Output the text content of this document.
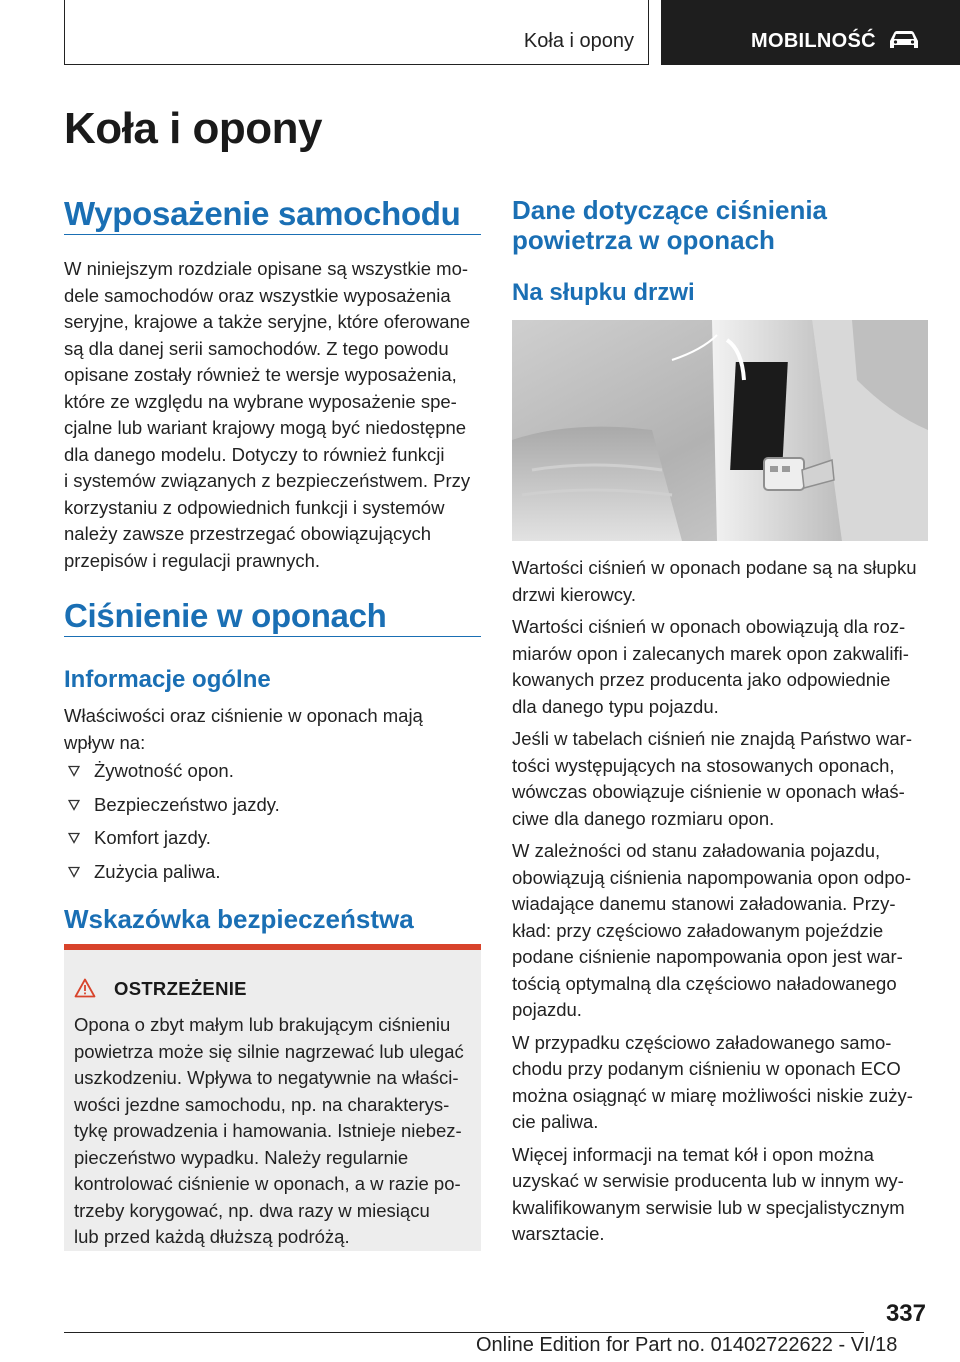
Koła i opony	MOBILNOŚĆ
Koła i opony
Wyposażenie samochodu

W niniejszym rozdziale opisane są wszystkie mo-

dele samochodów oraz wszystkie wyposażenia

seryjne, krajowe a także seryjne, które oferowane

są dla danej serii samochodów. Z tego powodu

opisane zostały również te wersje wyposażenia,

które ze względu na wybrane wyposażenie spe-

cjalne lub wariant krajowy mogą być niedostępne

dla danego modelu. Dotyczy to również funkcji

i systemów związanych z bezpieczeństwem. Przy

korzystaniu z odpowiednich funkcji i systemów

należy zawsze przestrzegać obowiązujących

przepisów i regulacji prawnych.

Ciśnienie w oponach
Informacje ogólne

Właściwości oraz ciśnienie w oponach mają

wpływ na:

Żywotność opon.
Bezpieczeństwo jazdy.
Komfort jazdy.
Zużycia paliwa.
Wskazówka bezpieczeństwa
OSTRZEŻENIE

Opona o zbyt małym lub brakującym ciśnieniu

powietrza może się silnie nagrzewać lub ulegać

uszkodzeniu. Wpływa to negatywnie na właści-

wości jezdne samochodu, np. na charakterys-

tykę prowadzenia i hamowania. Istnieje niebez-

pieczeństwo wypadku. Należy regularnie

kontrolować ciśnienie w oponach, a w razie po-

trzeby korygować, np. dwa razy w miesiącu

lub przed każdą dłuższą podróżą.

Dane dotyczące ciśnienia
powietrza w oponach
Na słupku drzwi

Wartości ciśnień w oponach podane są na słupku

drzwi kierowcy.

Wartości ciśnień w oponach obowiązują dla roz-

miarów opon i zalecanych marek opon zakwalifi-

kowanych przez producenta jako odpowiednie

dla danego typu pojazdu.

Jeśli w tabelach ciśnień nie znajdą Państwo war-

tości występujących na stosowanych oponach,

wówczas obowiązuje ciśnienie w oponach właś-

ciwe dla danego rozmiaru opon.

W zależności od stanu załadowania pojazdu,

obowiązują ciśnienia napompowania opon odpo-

wiadające danemu stanowi załadowania. Przy-

kład: przy częściowo załadowanym pojeździe

podane ciśnienie napompowania opon jest war-

tością optymalną dla częściowo naładowanego

pojazdu.

W przypadku częściowo załadowanego samo-

chodu przy podanym ciśnieniu w oponach ECO

można osiągnąć w miarę możliwości niskie zuży-

cie paliwa.

Więcej informacji na temat kół i opon można

uzyskać w serwisie producenta lub w innym wy-

kwalifikowanym serwisie lub w specjalistycznym

warsztacie.

337
Online Edition for Part no. 01402722622 - VI/18
